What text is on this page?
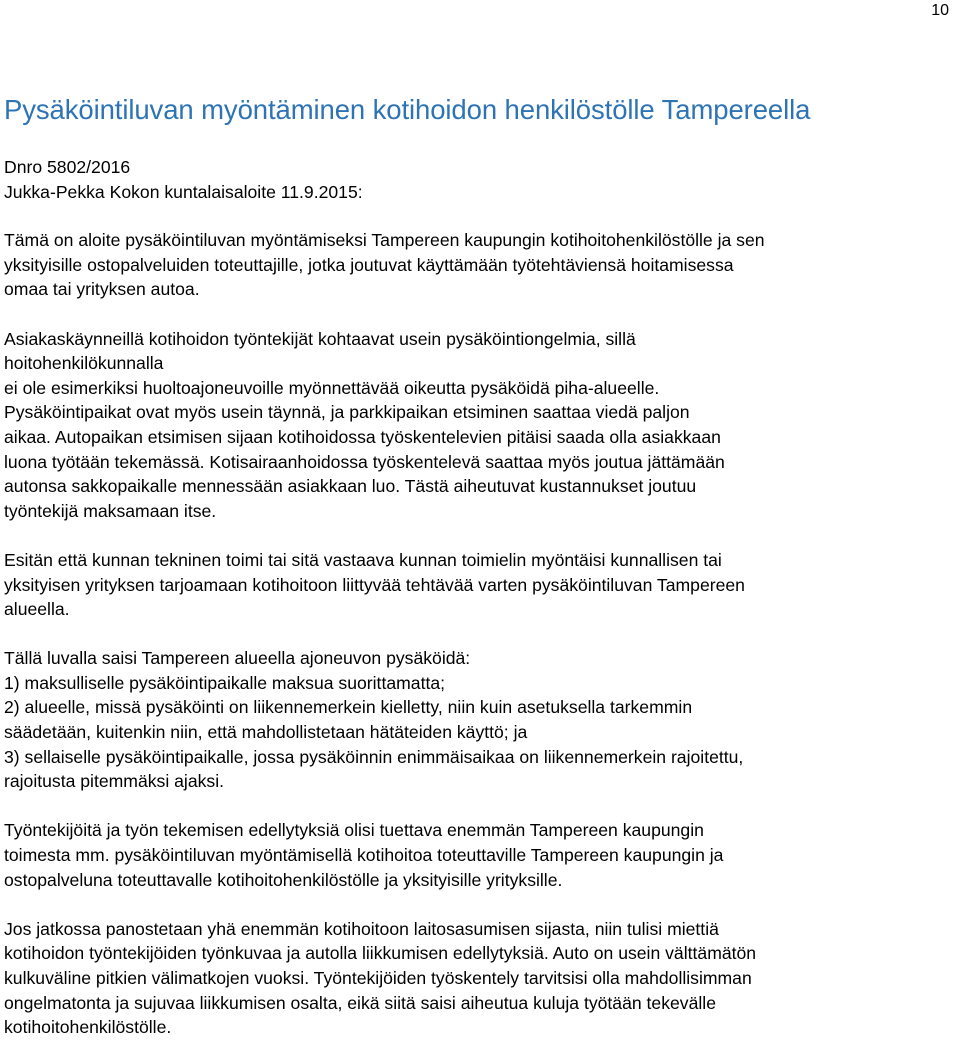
10
Pysäköintiluvan myöntäminen kotihoidon henkilöstölle Tampereella

Dnro 5802/2016
Jukka-Pekka Kokon kuntalaisaloite 11.9.2015:

Tämä on aloite pysäköintiluvan myöntämiseksi Tampereen kaupungin kotihoitohenkilöstölle ja sen
yksityisille ostopalveluiden toteuttajille, jotka joutuvat käyttämään työtehtäviensä hoitamisessa
omaa tai yrityksen autoa.

Asiakaskäynneillä kotihoidon työntekijät kohtaavat usein pysäköintiongelmia, sillä
hoitohenkilökunnalla
ei ole esimerkiksi huoltoajoneuvoille myönnettävää oikeutta pysäköidä piha-alueelle.
Pysäköintipaikat ovat myös usein täynnä, ja parkkipaikan etsiminen saattaa viedä paljon
aikaa. Autopaikan etsimisen sijaan kotihoidossa työskentelevien pitäisi saada olla asiakkaan
luona työtään tekemässä. Kotisairaanhoidossa työskentelevä saattaa myös joutua jättämään
autonsa sakkopaikalle mennessään asiakkaan luo. Tästä aiheutuvat kustannukset joutuu
työntekijä maksamaan itse.

Esitän että kunnan tekninen toimi tai sitä vastaava kunnan toimielin myöntäisi kunnallisen tai
yksityisen yrityksen tarjoamaan kotihoitoon liittyvää tehtävää varten pysäköintiluvan Tampereen
alueella.

Tällä luvalla saisi Tampereen alueella ajoneuvon pysäköidä:
1) maksulliselle pysäköintipaikalle maksua suorittamatta;
2) alueelle, missä pysäköinti on liikennemerkein kielletty, niin kuin asetuksella tarkemmin
säädetään, kuitenkin niin, että mahdollistetaan hätäteiden käyttö; ja
3) sellaiselle pysäköintipaikalle, jossa pysäköinnin enimmäisaikaa on liikennemerkein rajoitettu,
rajoitusta pitemmäksi ajaksi.

Työntekijöitä ja työn tekemisen edellytyksiä olisi tuettava enemmän Tampereen kaupungin
toimesta mm. pysäköintiluvan myöntämisellä kotihoitoa toteuttaville Tampereen kaupungin ja
ostopalveluna toteuttavalle kotihoitohenkilöstölle ja yksityisille yrityksille.

Jos jatkossa panostetaan yhä enemmän kotihoitoon laitosasumisen sijasta, niin tulisi miettiä
kotihoidon työntekijöiden työnkuvaa ja autolla liikkumisen edellytyksiä. Auto on usein välttämätön
kulkuväline pitkien välimatkojen vuoksi. Työntekijöiden työskentely tarvitsisi olla mahdollisimman
ongelmatonta ja sujuvaa liikkumisen osalta, eikä siitä saisi aiheutua kuluja työtään tekevälle
kotihoitohenkilöstölle.
